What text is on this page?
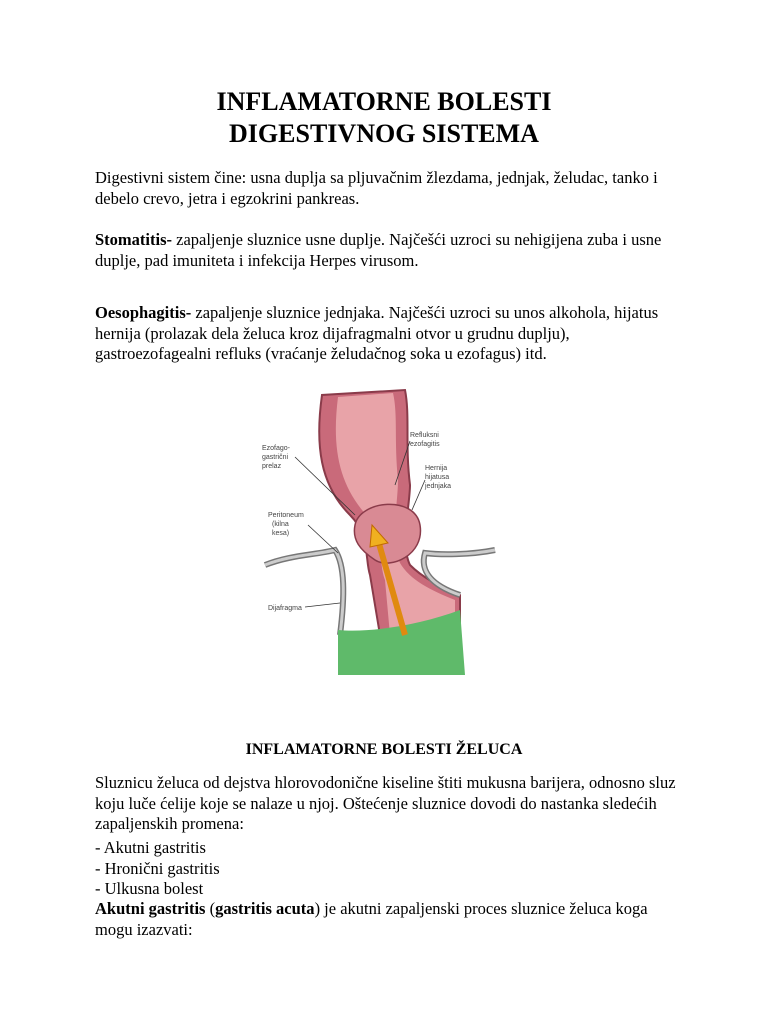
INFLAMATORNE BOLESTI
DIGESTIVNOG SISTEMA
Digestivni sistem čine: usna duplja sa pljuvačnim žlezdama, jednjak, želudac, tanko i debelo crevo, jetra i egzokrini pankreas.
Stomatitis- zapaljenje sluznice usne duplje. Najčešći uzroci su nehigijena zuba i usne duplje, pad imuniteta i infekcija Herpes virusom.
Oesophagitis- zapaljenje sluznice jednjaka. Najčešći uzroci su unos alkohola, hijatus hernija (prolazak dela želuca kroz dijafragmalni otvor u grudnu duplju), gastroezofagealni refluks (vraćanje želudačnog soka u ezofagus) itd.
Ezofago-
gastrični
prelaz
Refluksni
ezofagitis
Hernija
hijatusa
jednjaka
Peritoneum
(kilna
kesa)
Dijafragma
INFLAMATORNE BOLESTI ŽELUCA
Sluznicu želuca od dejstva hlorovodonične kiseline štiti mukusna barijera, odnosno sluz koju luče ćelije koje se nalaze u njoj. Oštećenje sluznice dovodi do nastanka sledećih zapaljenskih promena:
- Akutni gastritis
- Hronični gastritis
- Ulkusna bolest
Akutni gastritis (gastritis acuta) je akutni zapaljenski proces sluznice želuca koga mogu izazvati:
